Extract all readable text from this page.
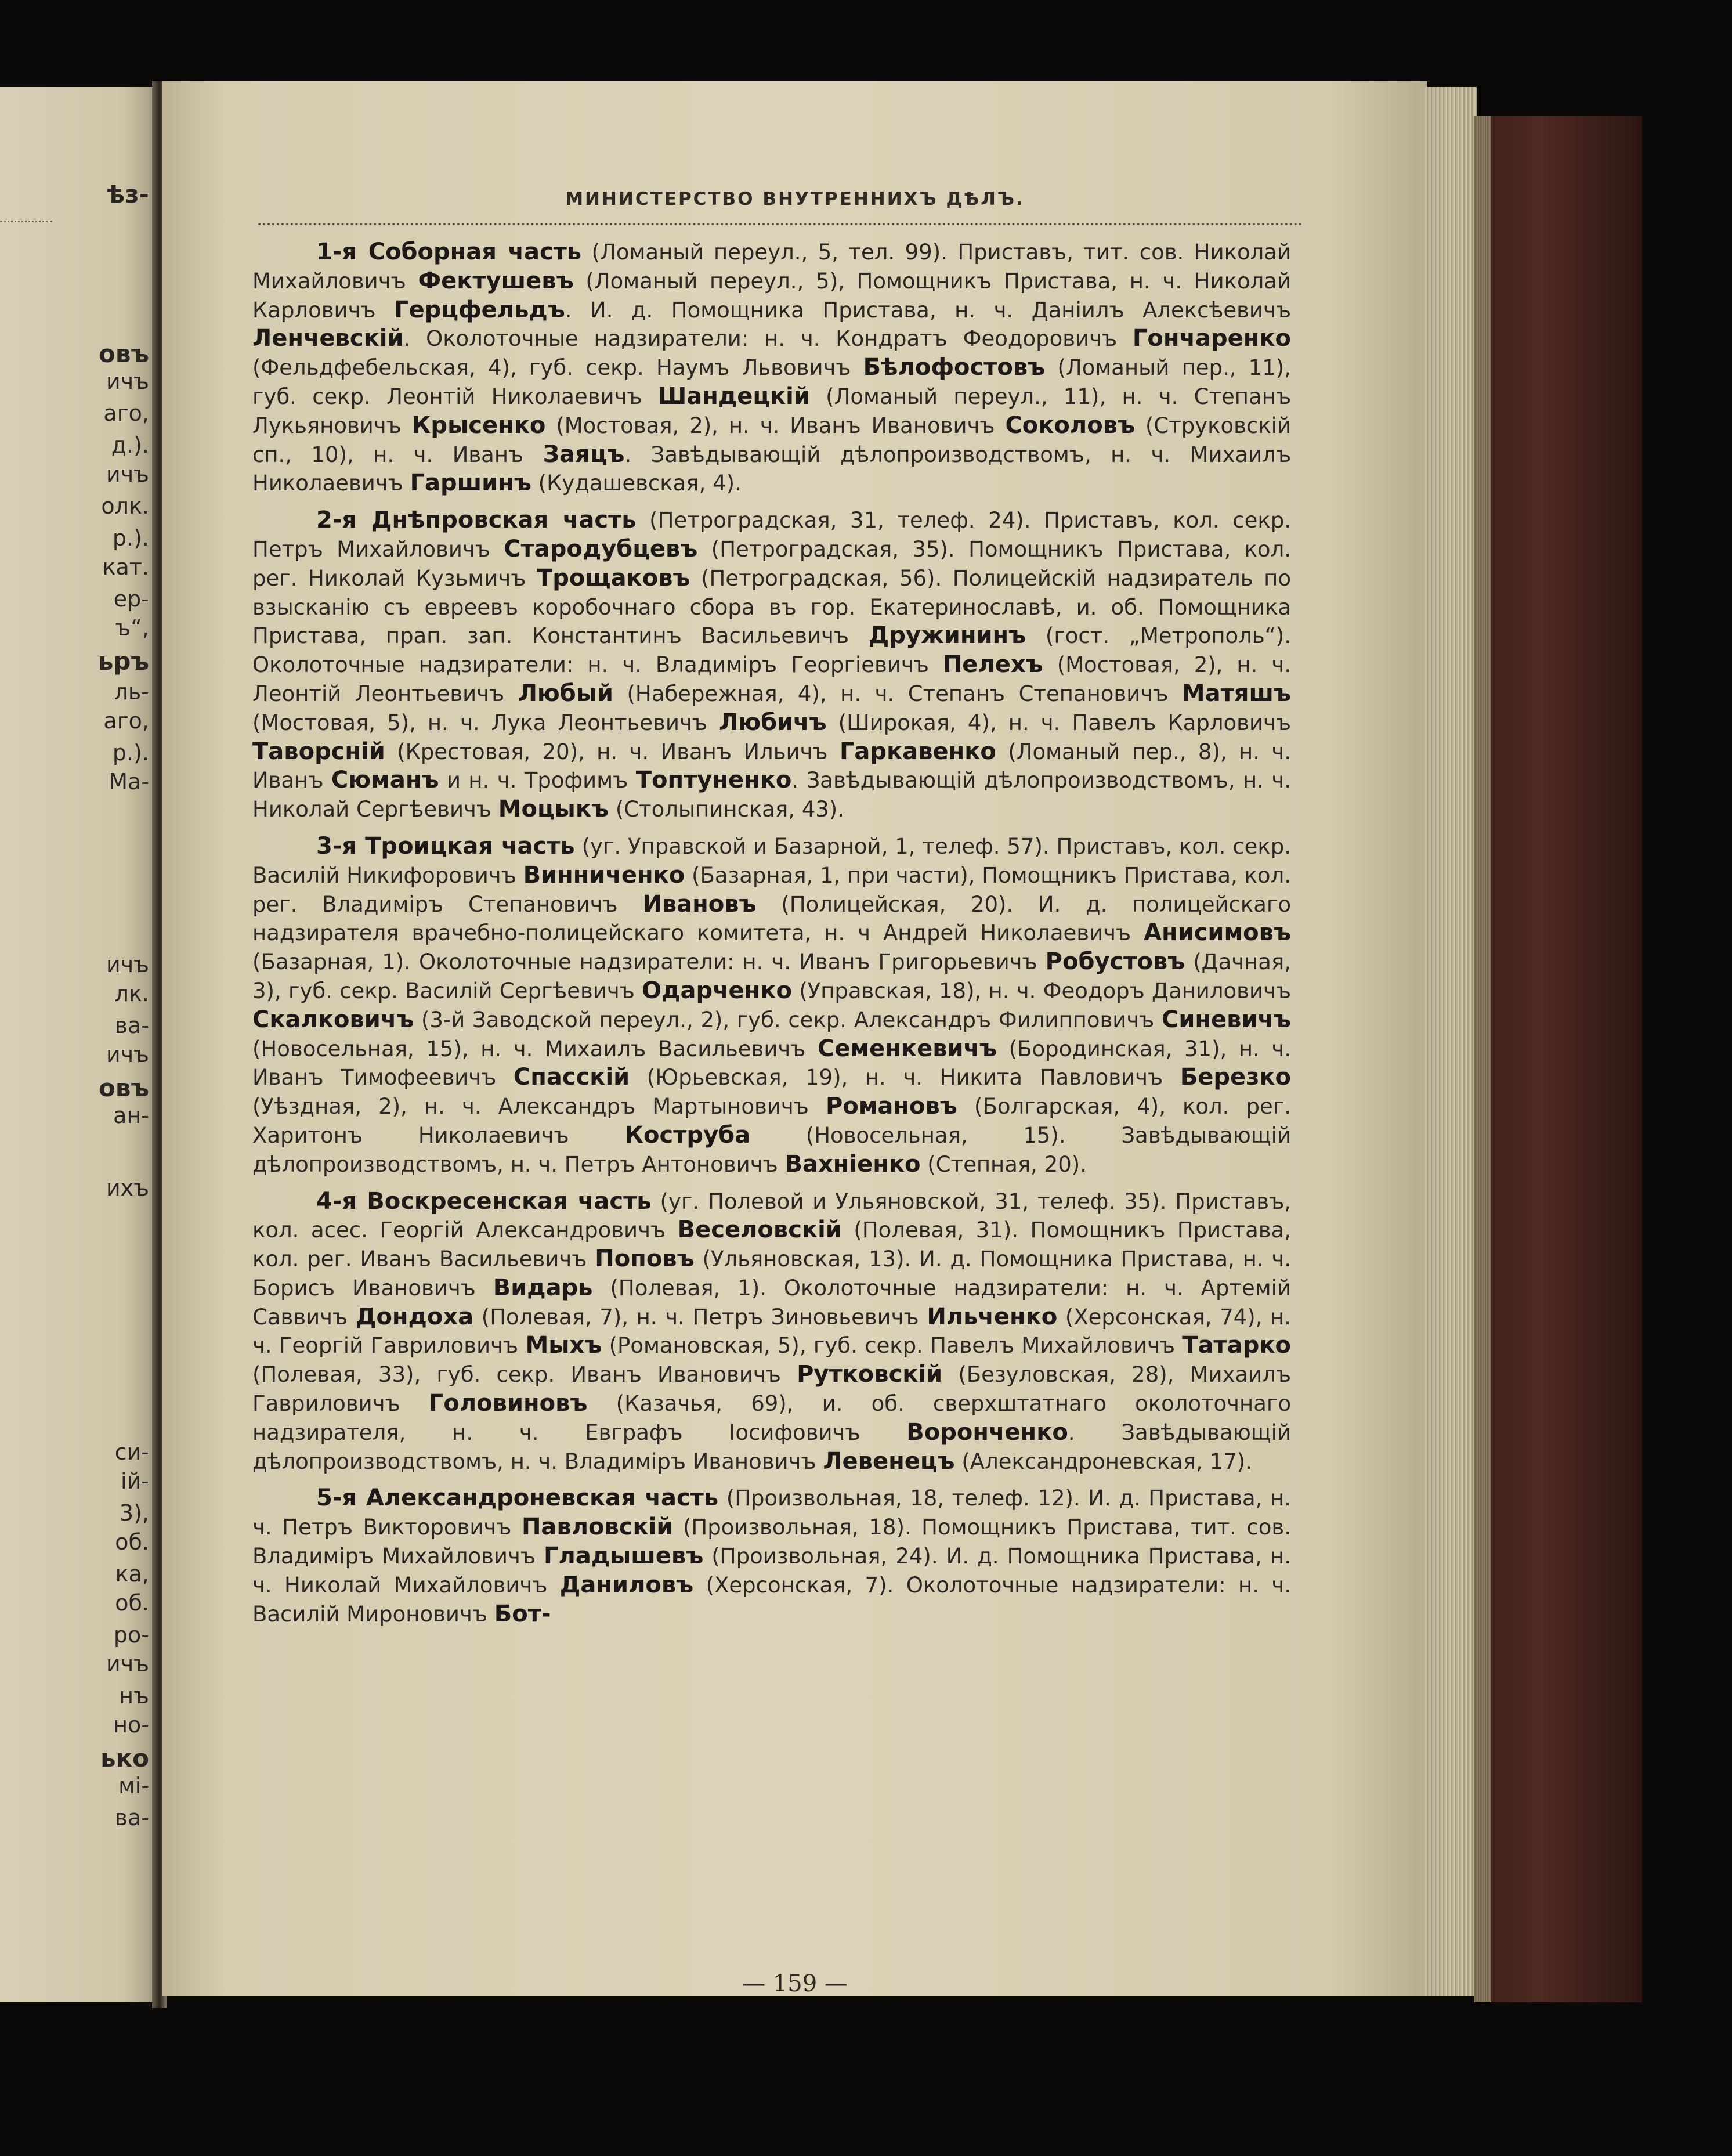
ѣз-
овъ
ичъ
аго,
д.).
ичъ
олк.
р.).
кат.
ер-
ъ“,
ьръ
ль-
аго,
р.).
Ма-
ичъ
лк.
ва-
ичъ
овъ
ан-
ихъ
си-
ій-
3),
об.
ка,
об.
ро-
ичъ
нъ
но-
ько
мі-
ва-
МИНИСТЕРСТВО ВНУТРЕННИХЪ ДѢЛЪ.

1-я Соборная часть (Ломаный переул., 5, тел. 99). Приставъ, тит. сов. Николай Михайловичъ Фектушевъ (Ломаный переул., 5), Помощникъ Пристава, н. ч. Николай Карловичъ Герцфельдъ. И. д. Помощника Пристава, н. ч. Даніилъ Алексѣевичъ Ленчевскій. Околоточные надзиратели: н. ч. Кондратъ Феодоровичъ Гончаренко (Фельдфебельская, 4), губ. секр. Наумъ Львовичъ Бѣлофостовъ (Ломаный пер., 11), губ. секр. Леонтій Николаевичъ Шандецкій (Ломаный переул., 11), н. ч. Степанъ Лукьяновичъ Крысенко (Мостовая, 2), н. ч. Иванъ Ивановичъ Соколовъ (Струковскій сп., 10), н. ч. Иванъ Заяцъ. Завѣдывающій дѣлопроизводствомъ, н. ч. Михаилъ Николаевичъ Гаршинъ (Кудашевская, 4).

2-я Днѣпровская часть (Петроградская, 31, телеф. 24). Приставъ, кол. секр. Петръ Михайловичъ Стародубцевъ (Петроградская, 35). Помощникъ Пристава, кол. рег. Николай Кузьмичъ Трощаковъ (Петроградская, 56). Полицейскій надзиратель по взысканію съ евреевъ коробочнаго сбора въ гор. Екатеринославѣ, и. об. Помощника Пристава, прап. зап. Константинъ Васильевичъ Дружининъ (гост. „Метрополь“). Околоточные надзиратели: н. ч. Владиміръ Георгіевичъ Пелехъ (Мостовая, 2), н. ч. Леонтій Леонтьевичъ Любый (Набережная, 4), н. ч. Степанъ Степановичъ Матяшъ (Мостовая, 5), н. ч. Лука Леонтьевичъ Любичъ (Широкая, 4), н. ч. Павелъ Карловичъ Таворсній (Крестовая, 20), н. ч. Иванъ Ильичъ Гаркавенко (Ломаный пер., 8), н. ч. Иванъ Сюманъ и н. ч. Трофимъ Топтуненко. Завѣдывающій дѣлопроизводствомъ, н. ч. Николай Сергѣевичъ Моцыкъ (Столыпинская, 43).

3-я Троицкая часть (уг. Управской и Базарной, 1, телеф. 57). Приставъ, кол. секр. Василій Никифоровичъ Винниченко (Базарная, 1, при части), Помощникъ Пристава, кол. рег. Владиміръ Степановичъ Ивановъ (Полицейская, 20). И. д. полицейскаго надзирателя врачебно-полицейскаго комитета, н. ч Андрей Николаевичъ Анисимовъ (Базарная, 1). Околоточные надзиратели: н. ч. Иванъ Григорьевичъ Робустовъ (Дачная, 3), губ. секр. Василій Сергѣевичъ Одарченко (Управская, 18), н. ч. Феодоръ Даниловичъ Скалковичъ (3-й Заводской переул., 2), губ. секр. Александръ Филипповичъ Синевичъ (Новосельная, 15), н. ч. Михаилъ Васильевичъ Семенкевичъ (Бородинская, 31), н. ч. Иванъ Тимофеевичъ Спасскій (Юрьевская, 19), н. ч. Никита Павловичъ Березко (Уѣздная, 2), н. ч. Александръ Мартыновичъ Романовъ (Болгарская, 4), кол. рег. Харитонъ Николаевичъ Коструба (Новосельная, 15). Завѣдывающій дѣлопроизводствомъ, н. ч. Петръ Антоновичъ Вахніенко (Степная, 20).

4-я Воскресенская часть (уг. Полевой и Ульяновской, 31, телеф. 35). Приставъ, кол. асес. Георгій Александровичъ Веселовскій (Полевая, 31). Помощникъ Пристава, кол. рег. Иванъ Васильевичъ Поповъ (Ульяновская, 13). И. д. Помощника Пристава, н. ч. Борисъ Ивановичъ Видарь (Полевая, 1). Околоточные надзиратели: н. ч. Артемій Саввичъ Дондоха (Полевая, 7), н. ч. Петръ Зиновьевичъ Ильченко (Херсонская, 74), н. ч. Георгій Гавриловичъ Мыхъ (Романовская, 5), губ. секр. Павелъ Михайловичъ Татарко (Полевая, 33), губ. секр. Иванъ Ивановичъ Рутковскій (Безуловская, 28), Михаилъ Гавриловичъ Головиновъ (Казачья, 69), и. об. сверхштатнаго околоточнаго надзирателя, н. ч. Евграфъ Іосифовичъ Воронченко. Завѣдывающій дѣлопроизводствомъ, н. ч. Владиміръ Ивановичъ Левенецъ (Александроневская, 17).

5-я Александроневская часть (Произвольная, 18, телеф. 12). И. д. Пристава, н. ч. Петръ Викторовичъ Павловскій (Произвольная, 18). Помощникъ Пристава, тит. сов. Владиміръ Михайловичъ Гладышевъ (Произвольная, 24). И. д. Помощника Пристава, н. ч. Николай Михайловичъ Даниловъ (Херсонская, 7). Околоточные надзиратели: н. ч. Василій Мироновичъ Бот-

— 159 —
